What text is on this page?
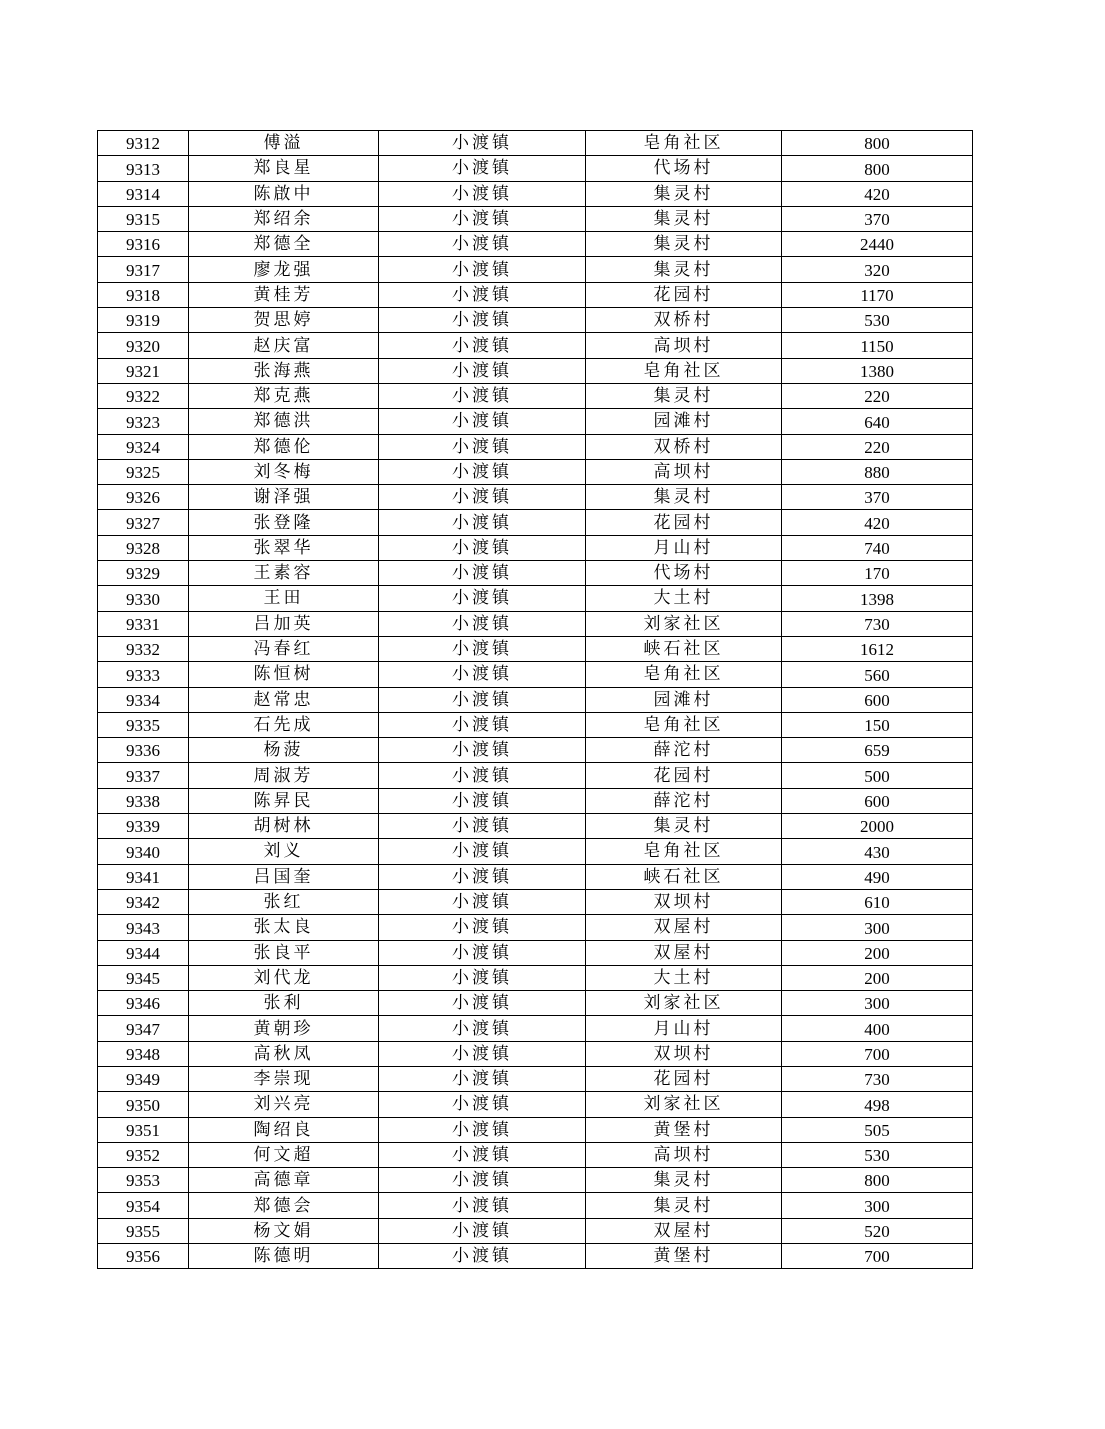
9312	傅溢	小渡镇	皂角社区	800
9313	郑良星	小渡镇	代场村	800
9314	陈啟中	小渡镇	集灵村	420
9315	郑绍余	小渡镇	集灵村	370
9316	郑德全	小渡镇	集灵村	2440
9317	廖龙强	小渡镇	集灵村	320
9318	黄桂芳	小渡镇	花园村	1170
9319	贺思婷	小渡镇	双桥村	530
9320	赵庆富	小渡镇	高坝村	1150
9321	张海燕	小渡镇	皂角社区	1380
9322	郑克燕	小渡镇	集灵村	220
9323	郑德洪	小渡镇	园滩村	640
9324	郑德伦	小渡镇	双桥村	220
9325	刘冬梅	小渡镇	高坝村	880
9326	谢泽强	小渡镇	集灵村	370
9327	张登隆	小渡镇	花园村	420
9328	张翠华	小渡镇	月山村	740
9329	王素容	小渡镇	代场村	170
9330	王田	小渡镇	大土村	1398
9331	吕加英	小渡镇	刘家社区	730
9332	冯春红	小渡镇	峡石社区	1612
9333	陈恒树	小渡镇	皂角社区	560
9334	赵常忠	小渡镇	园滩村	600
9335	石先成	小渡镇	皂角社区	150
9336	杨菠	小渡镇	薛沱村	659
9337	周淑芳	小渡镇	花园村	500
9338	陈昇民	小渡镇	薛沱村	600
9339	胡树林	小渡镇	集灵村	2000
9340	刘义	小渡镇	皂角社区	430
9341	吕国奎	小渡镇	峡石社区	490
9342	张红	小渡镇	双坝村	610
9343	张太良	小渡镇	双屋村	300
9344	张良平	小渡镇	双屋村	200
9345	刘代龙	小渡镇	大土村	200
9346	张利	小渡镇	刘家社区	300
9347	黄朝珍	小渡镇	月山村	400
9348	高秋凤	小渡镇	双坝村	700
9349	李崇现	小渡镇	花园村	730
9350	刘兴亮	小渡镇	刘家社区	498
9351	陶绍良	小渡镇	黄堡村	505
9352	何文超	小渡镇	高坝村	530
9353	高德章	小渡镇	集灵村	800
9354	郑德会	小渡镇	集灵村	300
9355	杨文娟	小渡镇	双屋村	520
9356	陈德明	小渡镇	黄堡村	700
